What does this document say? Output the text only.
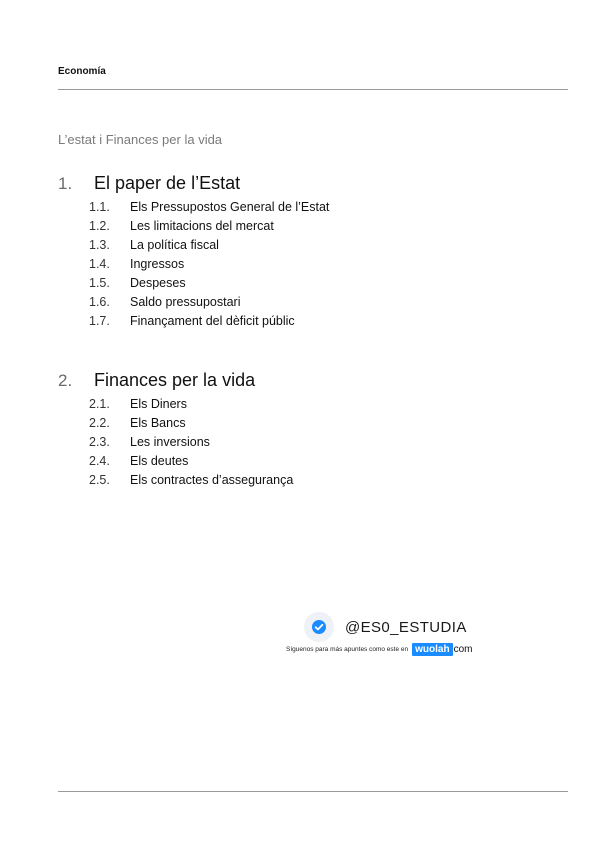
Economía
L’estat i Finances per la vida
1.	El paper de l’Estat
1.1.	Els Pressupostos General de l’Estat
1.2.	Les limitacions del mercat
1.3.	La política fiscal
1.4.	Ingressos
1.5.	Despeses
1.6.	Saldo pressupostari
1.7.	Finançament del dèficit públic
2.	Finances per la vida
2.1.	Els Diners
2.2.	Els Bancs
2.3.	Les inversions
2.4.	Els deutes
2.5.	Els contractes d’assegurança
@ES0_ESTUDIA
Síguenos para más apuntes como este en wuolah com
